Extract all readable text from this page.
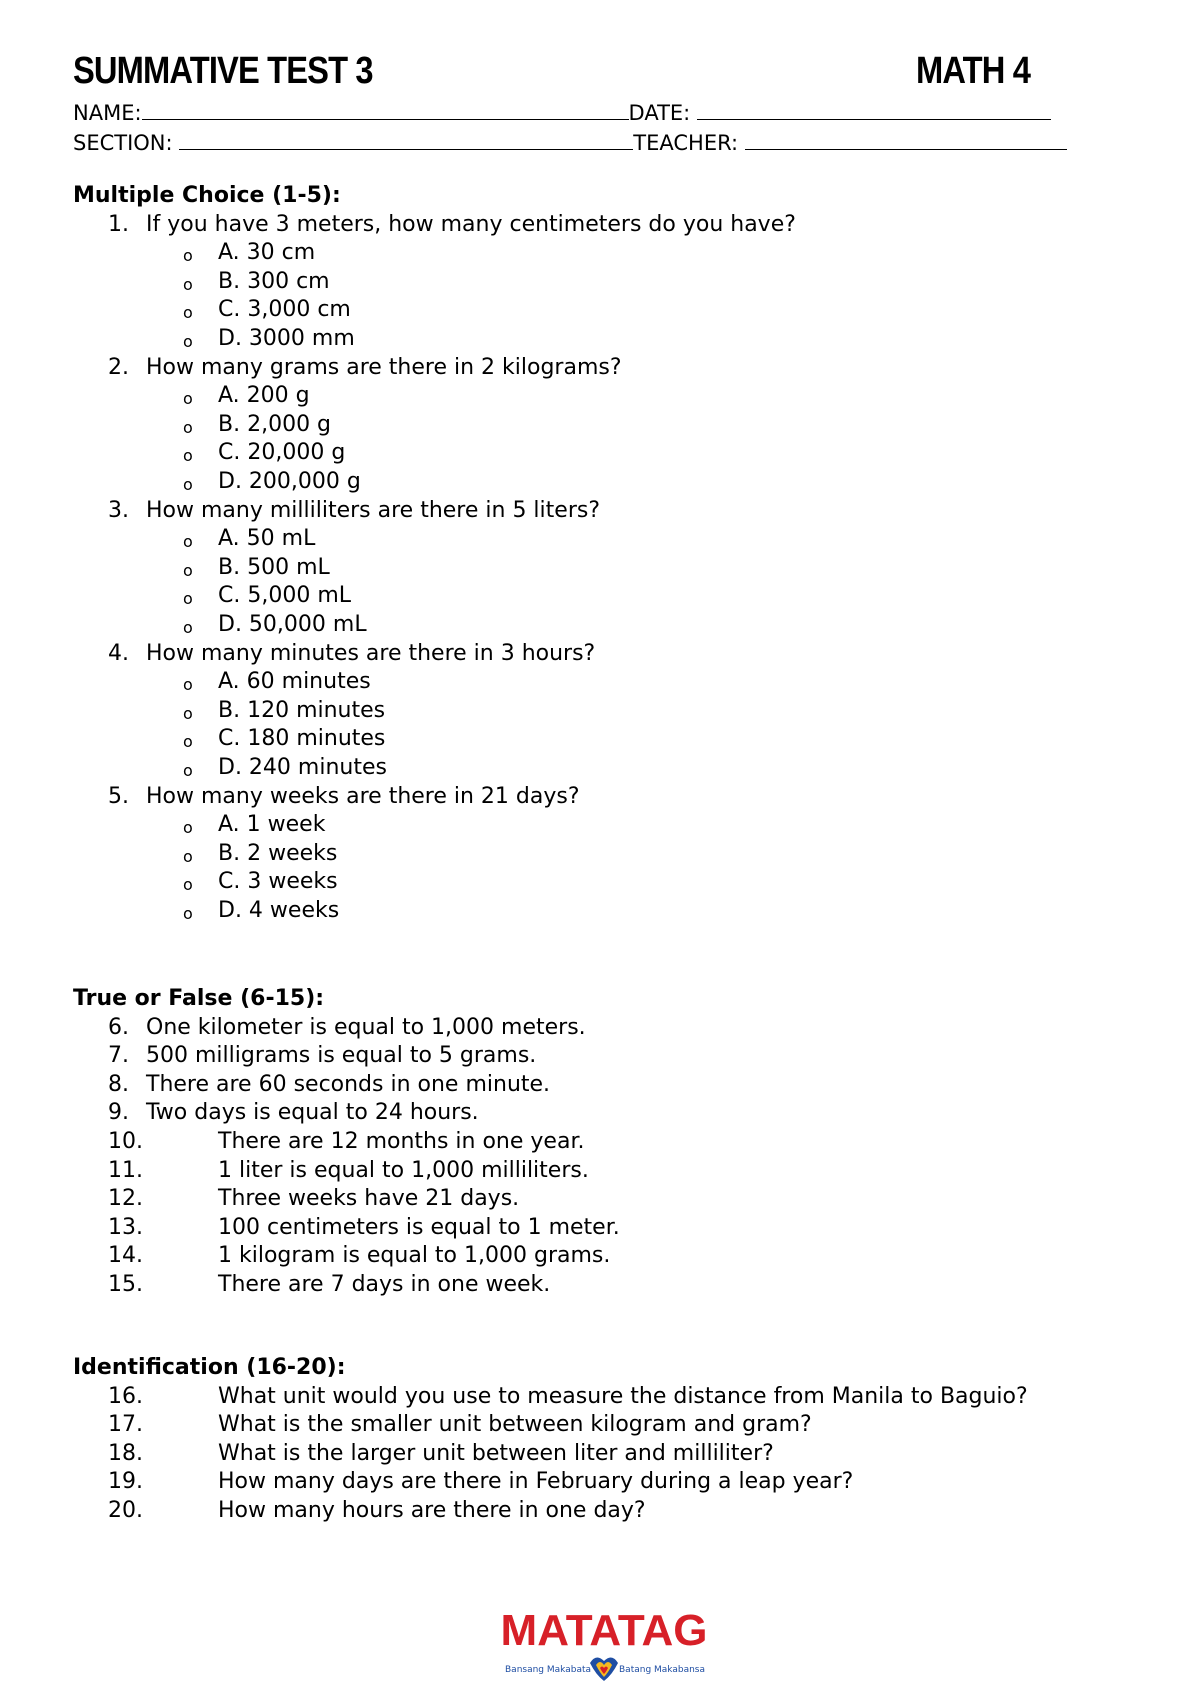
SUMMATIVE TEST 3	MATH 4
NAME:	DATE:
SECTION:	TEACHER:
Multiple Choice (1-5):
1. If you have 3 meters, how many centimeters do you have?
o A. 30 cm
o B. 300 cm
o C. 3,000 cm
o D. 3000 mm
2. How many grams are there in 2 kilograms?
o A. 200 g
o B. 2,000 g
o C. 20,000 g
o D. 200,000 g
3. How many milliliters are there in 5 liters?
o A. 50 mL
o B. 500 mL
o C. 5,000 mL
o D. 50,000 mL
4. How many minutes are there in 3 hours?
o A. 60 minutes
o B. 120 minutes
o C. 180 minutes
o D. 240 minutes
5. How many weeks are there in 21 days?
o A. 1 week
o B. 2 weeks
o C. 3 weeks
o D. 4 weeks
True or False (6-15):
6. One kilometer is equal to 1,000 meters.
7. 500 milligrams is equal to 5 grams.
8. There are 60 seconds in one minute.
9. Two days is equal to 24 hours.
10.	There are 12 months in one year.
11.	1 liter is equal to 1,000 milliliters.
12.	Three weeks have 21 days.
13.	100 centimeters is equal to 1 meter.
14.	1 kilogram is equal to 1,000 grams.
15.	There are 7 days in one week.
Identification (16-20):
16.	What unit would you use to measure the distance from Manila to Baguio?
17.	What is the smaller unit between kilogram and gram?
18.	What is the larger unit between liter and milliliter?
19.	How many days are there in February during a leap year?
20.	How many hours are there in one day?
MATATAG
Bansang Makabata	Batang Makabansa
